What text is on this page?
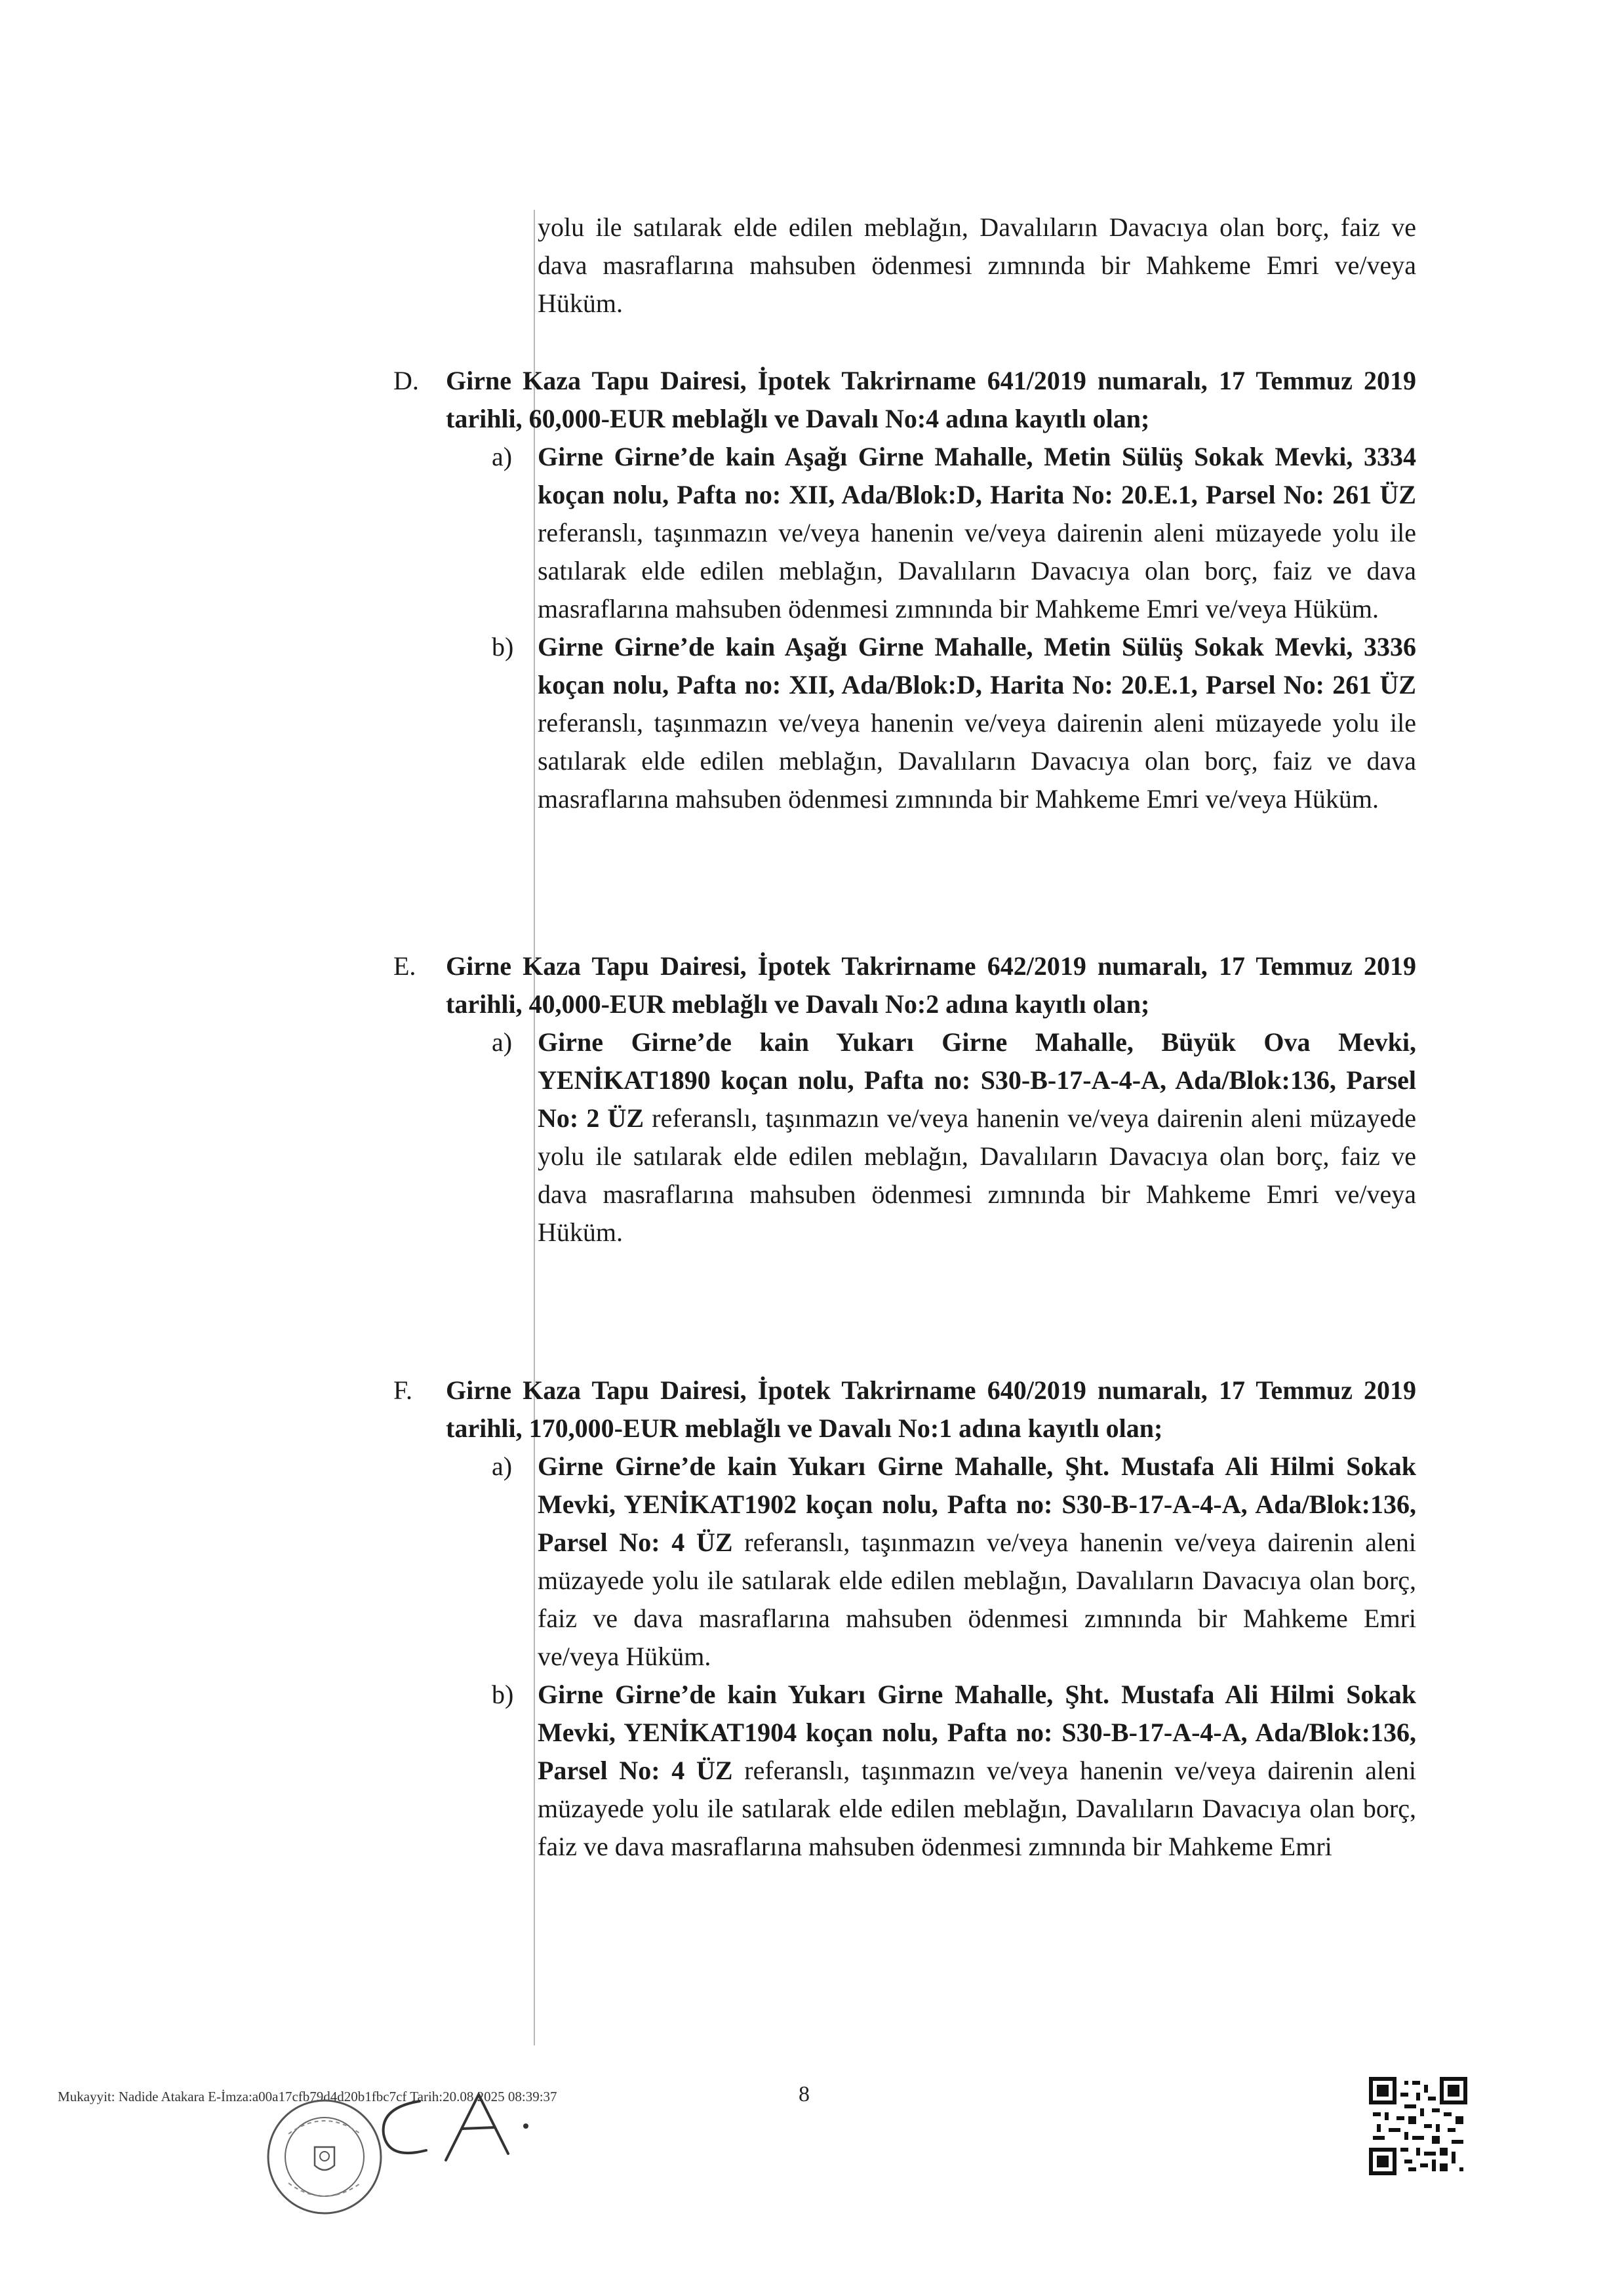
yolu ile satılarak elde edilen meblağın, Davalıların Davacıya olan borç, faiz ve dava masraflarına mahsuben ödenmesi zımnında bir Mahkeme Emri ve/veya Hüküm.
D. Girne Kaza Tapu Dairesi, İpotek Takrirname 641/2019 numaralı, 17 Temmuz 2019 tarihli, 60,000-EUR meblağlı ve Davalı No:4 adına kayıtlı olan;
a) Girne Girne’de kain Aşağı Girne Mahalle, Metin Sülüş Sokak Mevki, 3334 koçan nolu, Pafta no: XII, Ada/Blok:D, Harita No: 20.E.1, Parsel No: 261 ÜZ referanslı, taşınmazın ve/veya hanenin ve/veya dairenin aleni müzayede yolu ile satılarak elde edilen meblağın, Davalıların Davacıya olan borç, faiz ve dava masraflarına mahsuben ödenmesi zımnında bir Mahkeme Emri ve/veya Hüküm.
b) Girne Girne’de kain Aşağı Girne Mahalle, Metin Sülüş Sokak Mevki, 3336 koçan nolu, Pafta no: XII, Ada/Blok:D, Harita No: 20.E.1, Parsel No: 261 ÜZ referanslı, taşınmazın ve/veya hanenin ve/veya dairenin aleni müzayede yolu ile satılarak elde edilen meblağın, Davalıların Davacıya olan borç, faiz ve dava masraflarına mahsuben ödenmesi zımnında bir Mahkeme Emri ve/veya Hüküm.
E. Girne Kaza Tapu Dairesi, İpotek Takrirname 642/2019 numaralı, 17 Temmuz 2019 tarihli, 40,000-EUR meblağlı ve Davalı No:2 adına kayıtlı olan;
a) Girne Girne’de kain Yukarı Girne Mahalle, Büyük Ova Mevki, YENİKAT1890 koçan nolu, Pafta no: S30-B-17-A-4-A, Ada/Blok:136, Parsel No: 2 ÜZ referanslı, taşınmazın ve/veya hanenin ve/veya dairenin aleni müzayede yolu ile satılarak elde edilen meblağın, Davalıların Davacıya olan borç, faiz ve dava masraflarına mahsuben ödenmesi zımnında bir Mahkeme Emri ve/veya Hüküm.
F. Girne Kaza Tapu Dairesi, İpotek Takrirname 640/2019 numaralı, 17 Temmuz 2019 tarihli, 170,000-EUR meblağlı ve Davalı No:1 adına kayıtlı olan;
a) Girne Girne’de kain Yukarı Girne Mahalle, Şht. Mustafa Ali Hilmi Sokak Mevki, YENİKAT1902 koçan nolu, Pafta no: S30-B-17-A-4-A, Ada/Blok:136, Parsel No: 4 ÜZ referanslı, taşınmazın ve/veya hanenin ve/veya dairenin aleni müzayede yolu ile satılarak elde edilen meblağın, Davalıların Davacıya olan borç, faiz ve dava masraflarına mahsuben ödenmesi zımnında bir Mahkeme Emri ve/veya Hüküm.
b) Girne Girne’de kain Yukarı Girne Mahalle, Şht. Mustafa Ali Hilmi Sokak Mevki, YENİKAT1904 koçan nolu, Pafta no: S30-B-17-A-4-A, Ada/Blok:136, Parsel No: 4 ÜZ referanslı, taşınmazın ve/veya hanenin ve/veya dairenin aleni müzayede yolu ile satılarak elde edilen meblağın, Davalıların Davacıya olan borç, faiz ve dava masraflarına mahsuben ödenmesi zımnında bir Mahkeme Emri
Mukayyit: Nadide Atakara E-İmza:a00a17cfb79d4d20b1fbc7cf Tarih:20.08.2025 08:39:37	8
